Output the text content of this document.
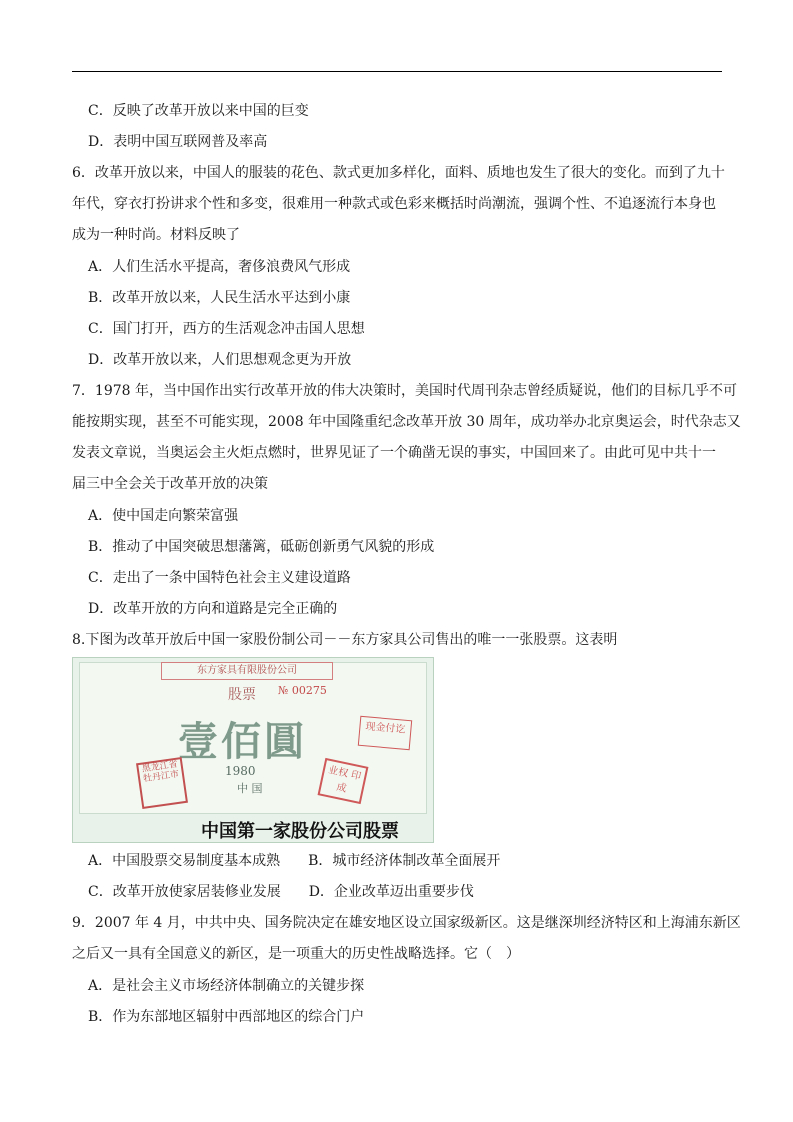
C．反映了改革开放以来中国的巨变
D．表明中国互联网普及率高
6．改革开放以来，中国人的服装的花色、款式更加多样化，面料、质地也发生了很大的变化。而到了九十
年代，穿衣打扮讲求个性和多变，很难用一种款式或色彩来概括时尚潮流，强调个性、不追逐流行本身也
成为一种时尚。材料反映了
A．人们生活水平提高，奢侈浪费风气形成
B．改革开放以来，人民生活水平达到小康
C．国门打开，西方的生活观念冲击国人思想
D．改革开放以来，人们思想观念更为开放
7．1978 年，当中国作出实行改革开放的伟大决策时，美国时代周刊杂志曾经质疑说，他们的目标几乎不可
能按期实现，甚至不可能实现，2008 年中国隆重纪念改革开放 30 周年，成功举办北京奥运会，时代杂志又
发表文章说，当奥运会主火炬点燃时，世界见证了一个确凿无误的事实，中国回来了。由此可见中共十一
届三中全会关于改革开放的决策
A．使中国走向繁荣富强
B．推动了中国突破思想藩篱，砥砺创新勇气风貌的形成
C．走出了一条中国特色社会主义建设道路
D．改革开放的方向和道路是完全正确的
8.下图为改革开放后中国一家股份制公司－－东方家具公司售出的唯一一张股票。这表明
东方家具有限股份公司
股票 № 00275
壹佰圓
1980
中 国
黑龙江省牡丹江市	业权 印成
现金付讫
中国第一家股份公司股票
A．中国股票交易制度基本成熟　　B．城市经济体制改革全面展开
C．改革开放使家居装修业发展　　D．企业改革迈出重要步伐
9．2007 年 4 月，中共中央、国务院决定在雄安地区设立国家级新区。这是继深圳经济特区和上海浦东新区
之后又一具有全国意义的新区，是一项重大的历史性战略选择。它（　）
A．是社会主义市场经济体制确立的关键步探
B．作为东部地区辐射中西部地区的综合门户
